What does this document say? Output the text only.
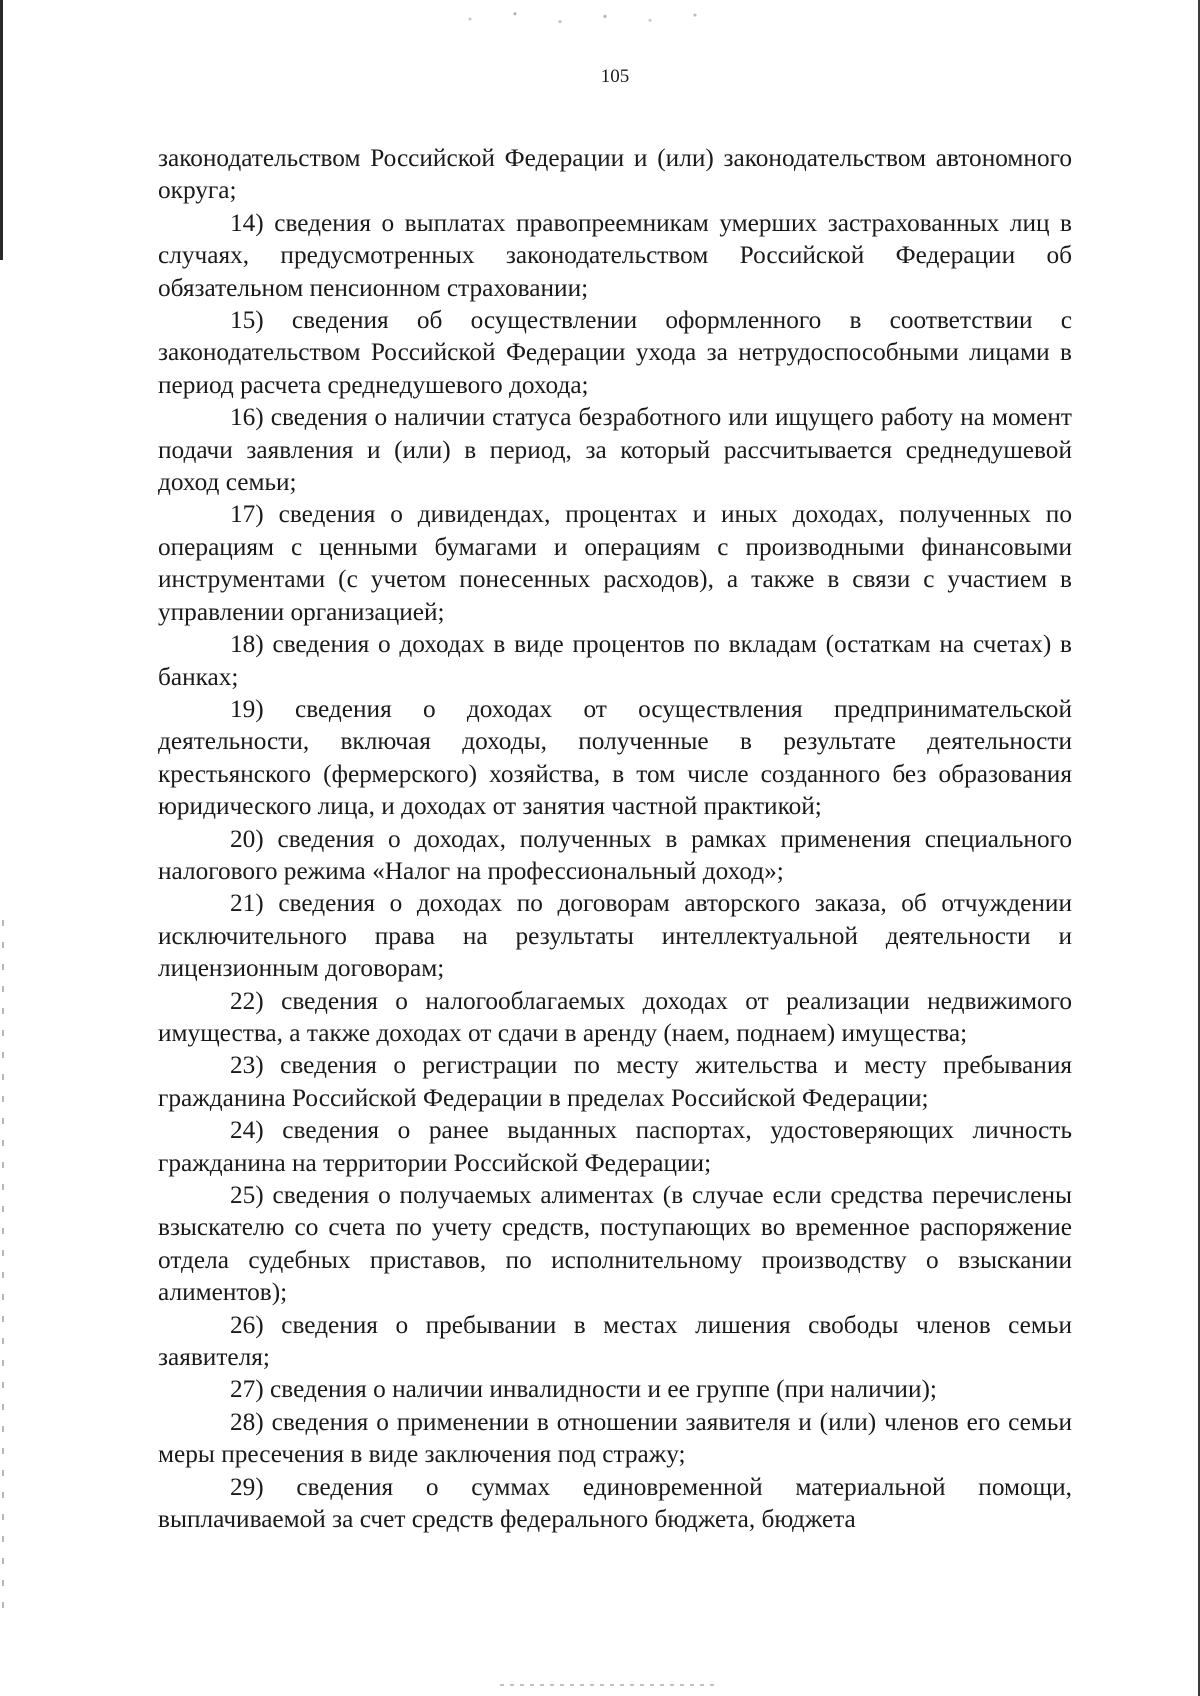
105

законодательством Российской Федерации и (или) законодательством автономного округа;

14) сведения о выплатах правопреемникам умерших застрахованных лиц в случаях, предусмотренных законодательством Российской Федерации об обязательном пенсионном страховании;

15) сведения об осуществлении оформленного в соответствии с законодательством Российской Федерации ухода за нетрудоспособными лицами в период расчета среднедушевого дохода;

16) сведения о наличии статуса безработного или ищущего работу на момент подачи заявления и (или) в период, за который рассчитывается среднедушевой доход семьи;

17) сведения о дивидендах, процентах и иных доходах, полученных по операциям с ценными бумагами и операциям с производными финансовыми инструментами (с учетом понесенных расходов), а также в связи с участием в управлении организацией;

18) сведения о доходах в виде процентов по вкладам (остаткам на счетах) в банках;

19) сведения о доходах от осуществления предпринимательской деятельности, включая доходы, полученные в результате деятельности крестьянского (фермерского) хозяйства, в том числе созданного без образования юридического лица, и доходах от занятия частной практикой;

20) сведения о доходах, полученных в рамках применения специального налогового режима «Налог на профессиональный доход»;

21) сведения о доходах по договорам авторского заказа, об отчуждении исключительного права на результаты интеллектуальной деятельности и лицензионным договорам;

22) сведения о налогооблагаемых доходах от реализации недвижимого имущества, а также доходах от сдачи в аренду (наем, поднаем) имущества;

23) сведения о регистрации по месту жительства и месту пребывания гражданина Российской Федерации в пределах Российской Федерации;

24) сведения о ранее выданных паспортах, удостоверяющих личность гражданина на территории Российской Федерации;

25) сведения о получаемых алиментах (в случае если средства перечислены взыскателю со счета по учету средств, поступающих во временное распоряжение отдела судебных приставов, по исполнительному производству о взыскании алиментов);

26) сведения о пребывании в местах лишения свободы членов семьи заявителя;

27) сведения о наличии инвалидности и ее группе (при наличии);

28) сведения о применении в отношении заявителя и (или) членов его семьи меры пресечения в виде заключения под стражу;

29) сведения о суммах единовременной материальной помощи, выплачиваемой за счет средств федерального бюджета, бюджета
